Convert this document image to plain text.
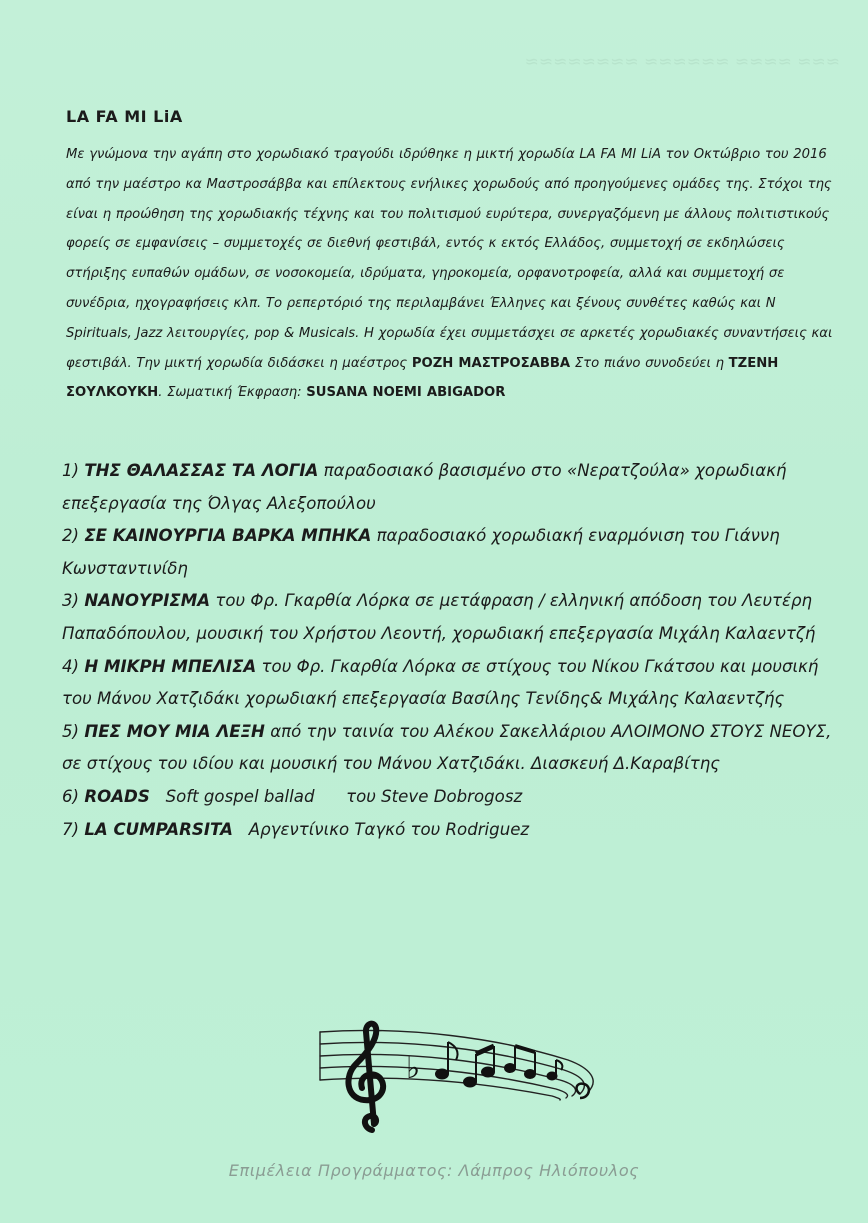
≈≈≈ ≈≈≈≈ ≈≈≈≈≈≈ ≈≈≈≈≈≈≈≈
LA FA MI LiA

Με γνώμονα την αγάπη στο χορωδιακό τραγούδι ιδρύθηκε η μικτή χορωδία LA FA MI LiA τον Οκτώβριο του 2016 από την μαέστρο κα Μαστροσάββα και επίλεκτους ενήλικες χορωδούς από προηγούμενες ομάδες της. Στόχοι της είναι η προώθηση της χορωδιακής τέχνης και του πολιτισμού ευρύτερα, συνεργαζόμενη με άλλους πολιτιστικούς φορείς σε εμφανίσεις – συμμετοχές σε διεθνή φεστιβάλ, εντός κ εκτός Ελλάδος, συμμετοχή σε εκδηλώσεις στήριξης ευπαθών ομάδων, σε νοσοκομεία, ιδρύματα, γηροκομεία, ορφανοτροφεία, αλλά και συμμετοχή σε συνέδρια, ηχογραφήσεις κλπ. Το ρεπερτόριό της περιλαμβάνει Έλληνες και ξένους συνθέτες καθώς και N Spirituals, Jazz λειτουργίες, pop & Musicals. Η χορωδία έχει συμμετάσχει σε αρκετές χορωδιακές συναντήσεις και φεστιβάλ. Την μικτή χορωδία διδάσκει η μαέστρος ΡΟΖΗ ΜΑΣΤΡΟΣΑΒΒΑ Στο πιάνο συνοδεύει η ΤΖΕΝΗ ΣΟΥΛΚΟΥΚΗ. Σωματική Έκφραση: SUSANA NOEMI ABIGADOR

1) ΤΗΣ ΘΑΛΑΣΣΑΣ ΤΑ ΛΟΓΙΑ παραδοσιακό βασισμένο στο «Νερατζούλα» χορωδιακή επεξεργασία της Όλγας Αλεξοπούλου
2) ΣΕ ΚΑΙΝΟΥΡΓΙΑ ΒΑΡΚΑ ΜΠΗΚΑ παραδοσιακό χορωδιακή εναρμόνιση του Γιάννη Κωνσταντινίδη
3) ΝΑΝΟΥΡΙΣΜΑ του Φρ. Γκαρθία Λόρκα σε μετάφραση / ελληνική απόδοση του Λευτέρη Παπαδόπουλου, μουσική του Χρήστου Λεοντή, χορωδιακή επεξεργασία Μιχάλη Καλαεντζή
4) Η ΜΙΚΡΗ ΜΠΕΛΙΣΑ του Φρ. Γκαρθία Λόρκα σε στίχους του Νίκου Γκάτσου και μουσική του Μάνου Χατζιδάκι χορωδιακή επεξεργασία Βασίλης Τενίδης& Μιχάλης Καλαεντζής
5) ΠΕΣ ΜΟΥ ΜΙΑ ΛΕΞΗ από την ταινία του Αλέκου Σακελλάριου ΑΛΟΙΜΟΝΟ ΣΤΟΥΣ ΝΕΟΥΣ, σε στίχους του ιδίου και μουσική του Μάνου Χατζιδάκι. Διασκευή Δ.Καραβίτης
6) ROADS   Soft gospel ballad      του Steve Dobrogosz
7) LA CUMPARSITA   Αργεντίνικο Ταγκό του Rodriguez
♭

Επιμέλεια Προγράμματος: Λάμπρος Ηλιόπουλος
